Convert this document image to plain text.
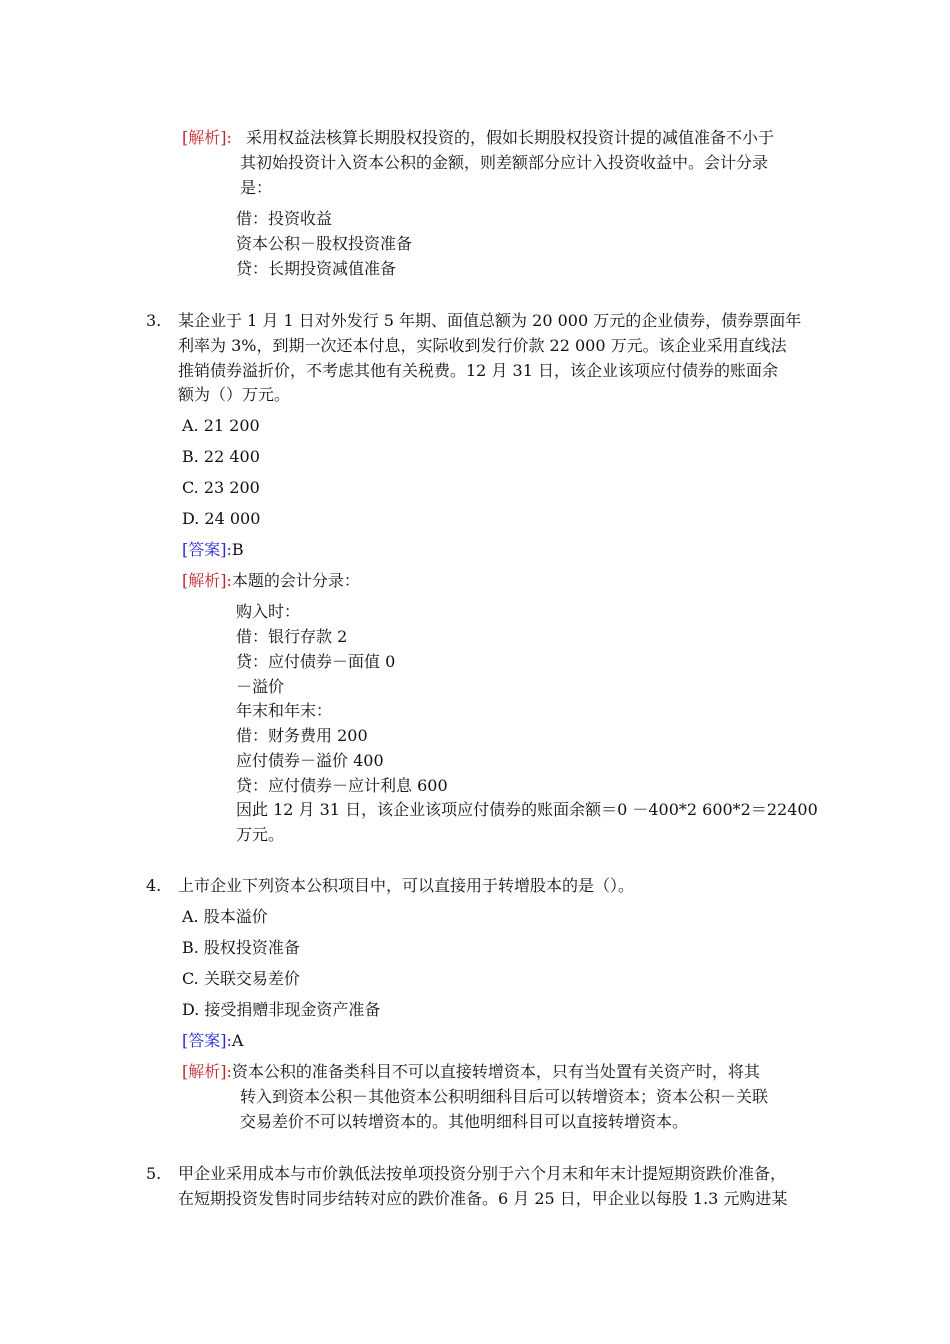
[解析]: 采用权益法核算长期股权投资的，假如长期股权投资计提的减值准备不小于
其初始投资计入资本公积的金额，则差额部分应计入投资收益中。会计分录
是：
借：投资收益
资本公积－股权投资准备
贷：长期投资减值准备
3. 某企业于 1 月 1 日对外发行 5 年期、面值总额为 20 000 万元的企业债券，债券票面年
利率为 3%，到期一次还本付息，实际收到发行价款 22 000 万元。该企业采用直线法
推销债券溢折价，不考虑其他有关税费。12 月 31 日，该企业该项应付债券的账面余
额为（）万元。
A. 21 200
B. 22 400
C. 23 200
D. 24 000
[答案]:B
[解析]:本题的会计分录：
购入时：
借：银行存款 2
贷：应付债券－面值 0
－溢价
年末和年末：
借：财务费用 200
应付债券－溢价 400
贷：应付债券－应计利息 600
因此 12 月 31 日，该企业该项应付债券的账面余额＝0 －400*2 600*2＝22400
万元。
4. 上市企业下列资本公积项目中，可以直接用于转增股本的是（）。
A. 股本溢价
B. 股权投资准备
C. 关联交易差价
D. 接受捐赠非现金资产准备
[答案]:A
[解析]:资本公积的准备类科目不可以直接转增资本，只有当处置有关资产时，将其
转入到资本公积－其他资本公积明细科目后可以转增资本；资本公积－关联
交易差价不可以转增资本的。其他明细科目可以直接转增资本。
5. 甲企业采用成本与市价孰低法按单项投资分别于六个月末和年末计提短期资跌价准备，
在短期投资发售时同步结转对应的跌价准备。6 月 25 日，甲企业以每股 1.3 元购进某
